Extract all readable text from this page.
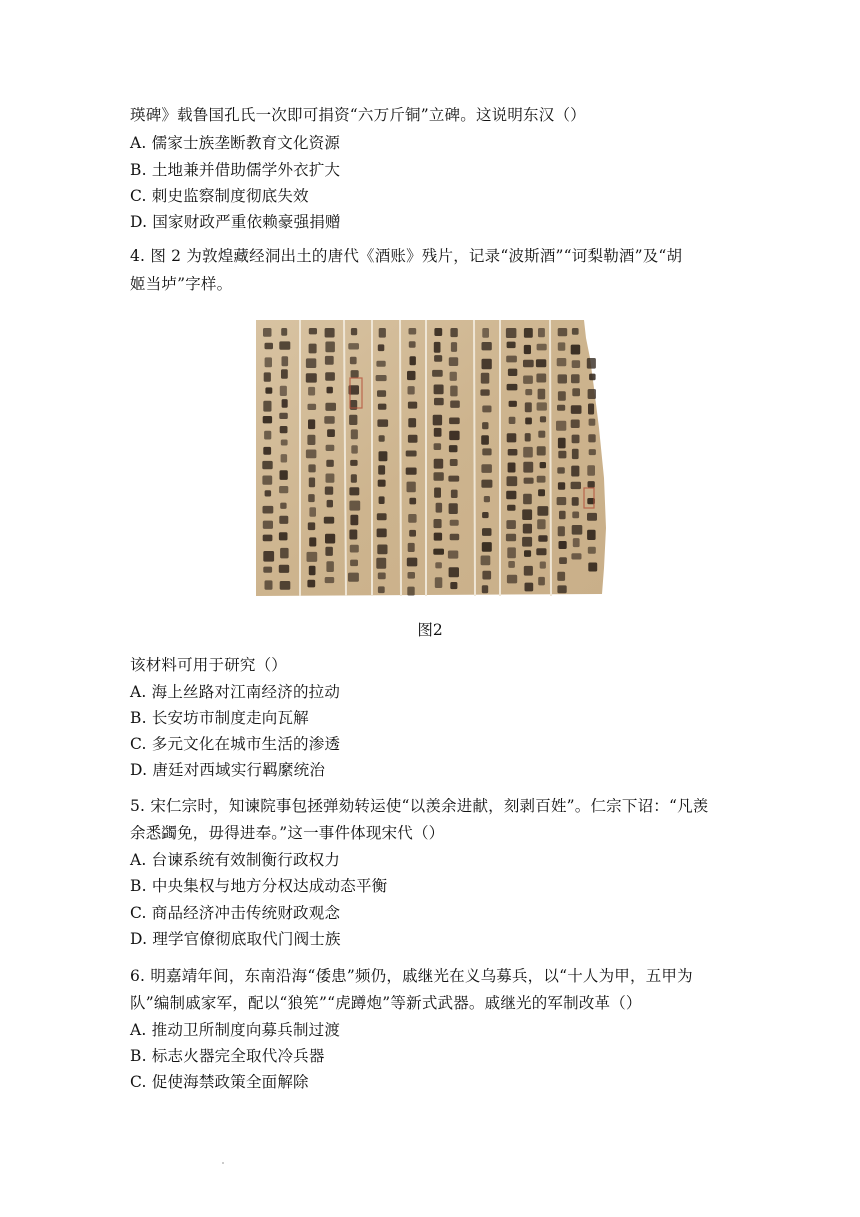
瑛碑》载鲁国孔氏一次即可捐资“六万斤铜”立碑。这说明东汉（）
A. 儒家士族垄断教育文化资源
B. 土地兼并借助儒学外衣扩大
C. 刺史监察制度彻底失效
D. 国家财政严重依赖豪强捐赠
4. 图 2 为敦煌藏经洞出土的唐代《酒账》残片，记录“波斯酒”“诃梨勒酒”及“胡
姬当垆”字样。
图2
该材料可用于研究（）
A. 海上丝路对江南经济的拉动
B. 长安坊市制度走向瓦解
C. 多元文化在城市生活的渗透
D. 唐廷对西域实行羁縻统治
5. 宋仁宗时，知谏院事包拯弹劾转运使“以羡余进献，刻剥百姓”。仁宗下诏：“凡羡
余悉蠲免，毋得进奉。”这一事件体现宋代（）
A. 台谏系统有效制衡行政权力
B. 中央集权与地方分权达成动态平衡
C. 商品经济冲击传统财政观念
D. 理学官僚彻底取代门阀士族
6. 明嘉靖年间，东南沿海“倭患”频仍，戚继光在义乌募兵，以“十人为甲，五甲为
队”编制戚家军，配以“狼筅”“虎蹲炮”等新式武器。戚继光的军制改革（）
A. 推动卫所制度向募兵制过渡
B. 标志火器完全取代冷兵器
C. 促使海禁政策全面解除
